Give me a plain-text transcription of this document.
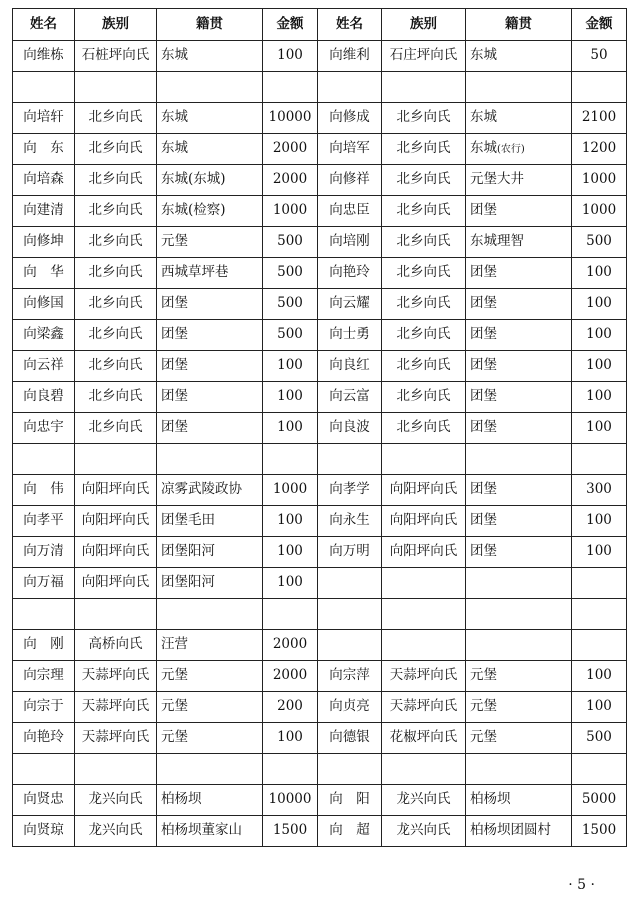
姓名	族别	籍贯	金额	姓名	族别	籍贯	金额
向维栋	石桩坪向氏	东城	100	向维利	石庄坪向氏	东城	50

向培轩	北乡向氏	东城	10000	向修成	北乡向氏	东城	2100
向　东	北乡向氏	东城	2000	向培军	北乡向氏	东城(农行)	1200
向培森	北乡向氏	东城(东城)	2000	向修祥	北乡向氏	元堡大井	1000
向建清	北乡向氏	东城(检察)	1000	向忠臣	北乡向氏	团堡	1000
向修坤	北乡向氏	元堡	500	向培刚	北乡向氏	东城理智	500
向　华	北乡向氏	西城草坪巷	500	向艳玲	北乡向氏	团堡	100
向修国	北乡向氏	团堡	500	向云耀	北乡向氏	团堡	100
向梁鑫	北乡向氏	团堡	500	向士勇	北乡向氏	团堡	100
向云祥	北乡向氏	团堡	100	向良红	北乡向氏	团堡	100
向良碧	北乡向氏	团堡	100	向云富	北乡向氏	团堡	100
向忠宇	北乡向氏	团堡	100	向良波	北乡向氏	团堡	100

向　伟	向阳坪向氏	凉雾武陵政协	1000	向孝学	向阳坪向氏	团堡	300
向孝平	向阳坪向氏	团堡毛田	100	向永生	向阳坪向氏	团堡	100
向万清	向阳坪向氏	团堡阳河	100	向万明	向阳坪向氏	团堡	100
向万福	向阳坪向氏	团堡阳河	100				

向　刚	高桥向氏	汪营	2000				
向宗理	天蒜坪向氏	元堡	2000	向宗萍	天蒜坪向氏	元堡	100
向宗于	天蒜坪向氏	元堡	200	向贞亮	天蒜坪向氏	元堡	100
向艳玲	天蒜坪向氏	元堡	100	向德银	花椒坪向氏	元堡	500

向贤忠	龙兴向氏	柏杨坝	10000	向　阳	龙兴向氏	柏杨坝	5000
向贤琼	龙兴向氏	柏杨坝董家山	1500	向　超	龙兴向氏	柏杨坝团圆村	1500
· 5 ·
